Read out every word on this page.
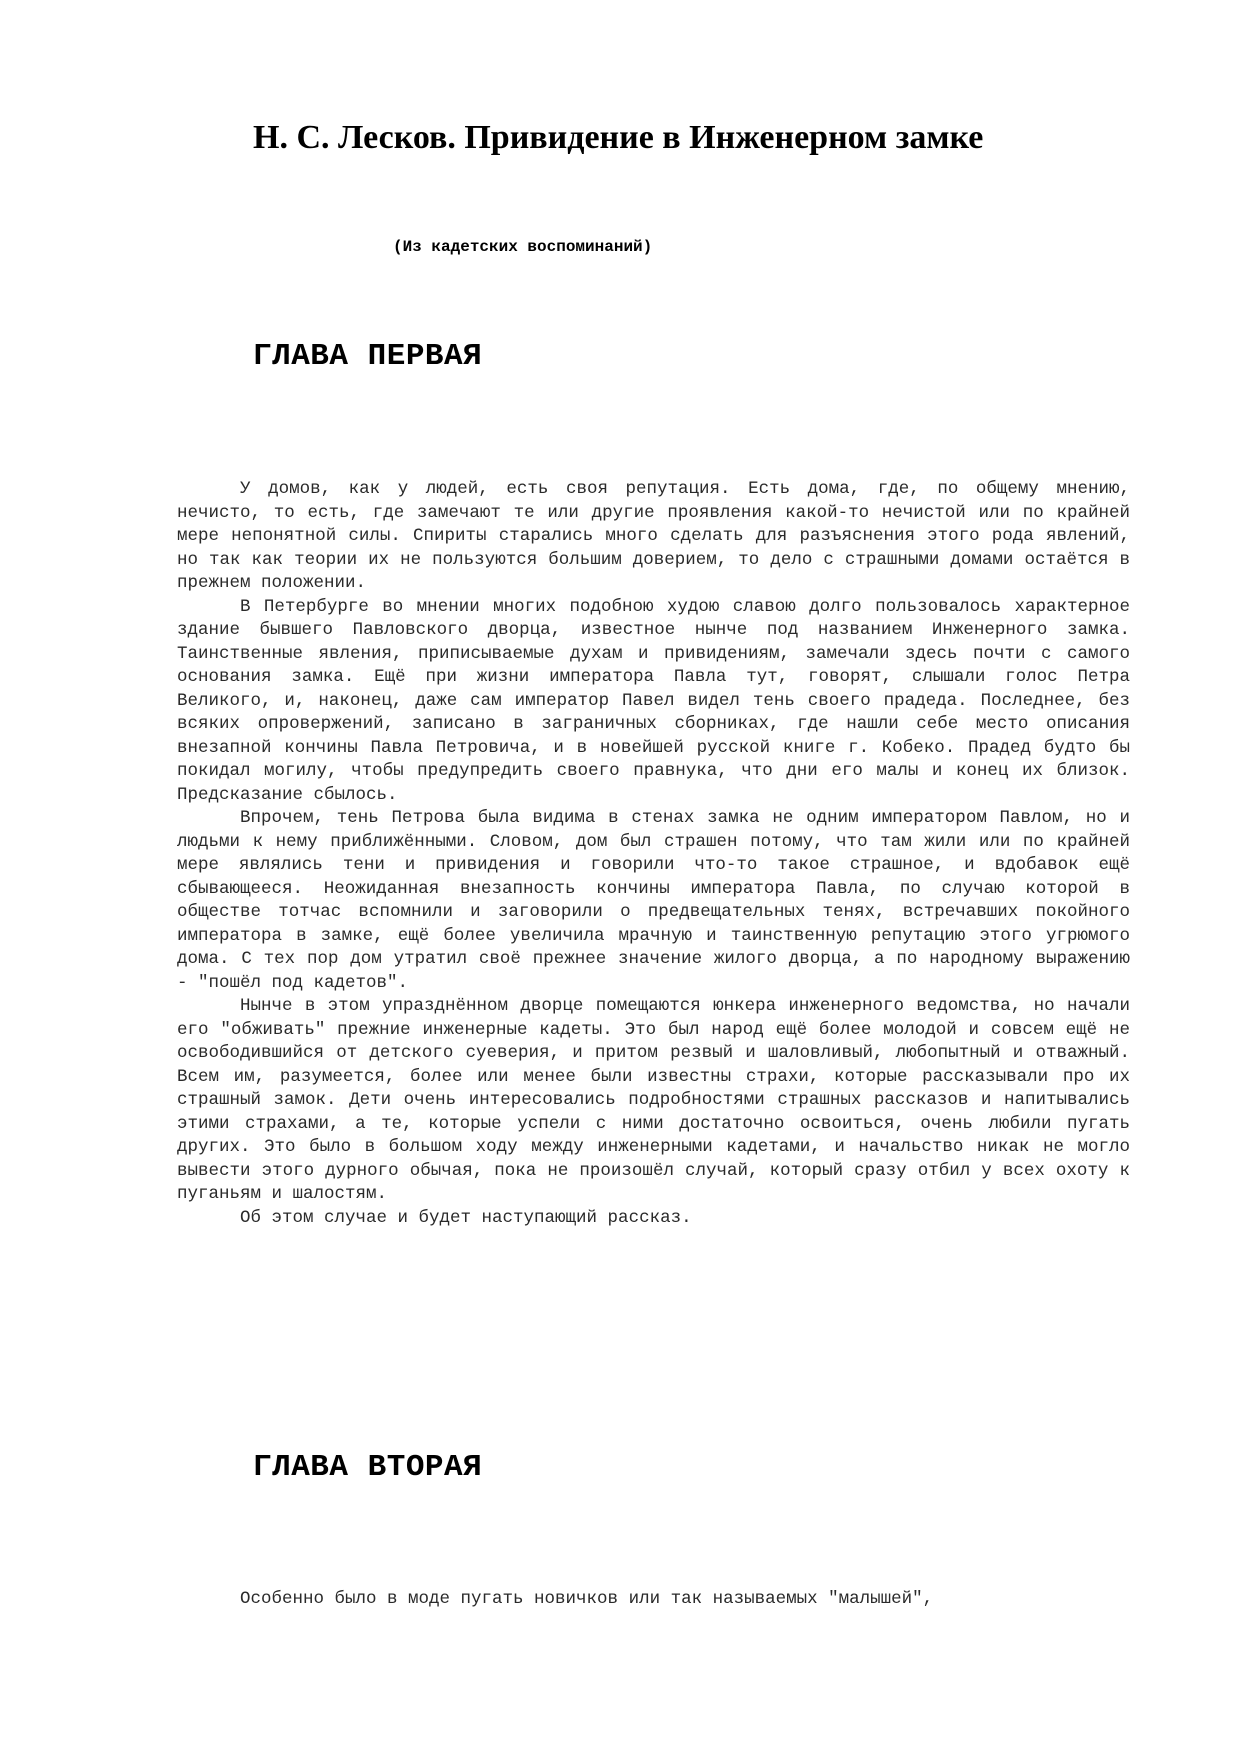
Н. С. Лесков. Привидение в Инженерном замке
(Из кадетских воспоминаний)
ГЛАВА ПЕРВАЯ

У домов, как у людей, есть своя репутация. Есть дома, где, по общему мнению, нечисто, то есть, где замечают те или другие проявления какой-то нечистой или по крайней мере непонятной силы. Спириты старались много сделать для разъяснения этого рода явлений, но так как теории их не пользуются большим доверием, то дело с страшными домами остаётся в прежнем положении.

В Петербурге во мнении многих подобною худою славою долго пользовалось характерное здание бывшего Павловского дворца, известное нынче под названием Инженерного замка. Таинственные явления, приписываемые духам и привидениям, замечали здесь почти с самого основания замка. Ещё при жизни императора Павла тут, говорят, слышали голос Петра Великого, и, наконец, даже сам император Павел видел тень своего прадеда. Последнее, без всяких опровержений, записано в заграничных сборниках, где нашли себе место описания внезапной кончины Павла Петровича, и в новейшей русской книге г. Кобеко. Прадед будто бы покидал могилу, чтобы предупредить своего правнука, что дни его малы и конец их близок. Предсказание сбылось.

Впрочем, тень Петрова была видима в стенах замка не одним императором Павлом, но и людьми к нему приближёнными. Словом, дом был страшен потому, что там жили или по крайней мере являлись тени и привидения и говорили что-то такое страшное, и вдобавок ещё сбывающееся. Неожиданная внезапность кончины императора Павла, по случаю которой в обществе тотчас вспомнили и заговорили о предвещательных тенях, встречавших покойного императора в замке, ещё более увеличила мрачную и таинственную репутацию этого угрюмого дома. С тех пор дом утратил своё прежнее значение жилого дворца, а по народному выражению - "пошёл под кадетов".

Нынче в этом упразднённом дворце помещаются юнкера инженерного ведомства, но начали его "обживать" прежние инженерные кадеты. Это был народ ещё более молодой и совсем ещё не освободившийся от детского суеверия, и притом резвый и шаловливый, любопытный и отважный. Всем им, разумеется, более или менее были известны страхи, которые рассказывали про их страшный замок. Дети очень интересовались подробностями страшных рассказов и напитывались этими страхами, а те, которые успели с ними достаточно освоиться, очень любили пугать других. Это было в большом ходу между инженерными кадетами, и начальство никак не могло вывести этого дурного обычая, пока не произошёл случай, который сразу отбил у всех охоту к пуганьям и шалостям.

Об этом случае и будет наступающий рассказ.

ГЛАВА ВТОРАЯ

Особенно было в моде пугать новичков или так называемых "малышей",
